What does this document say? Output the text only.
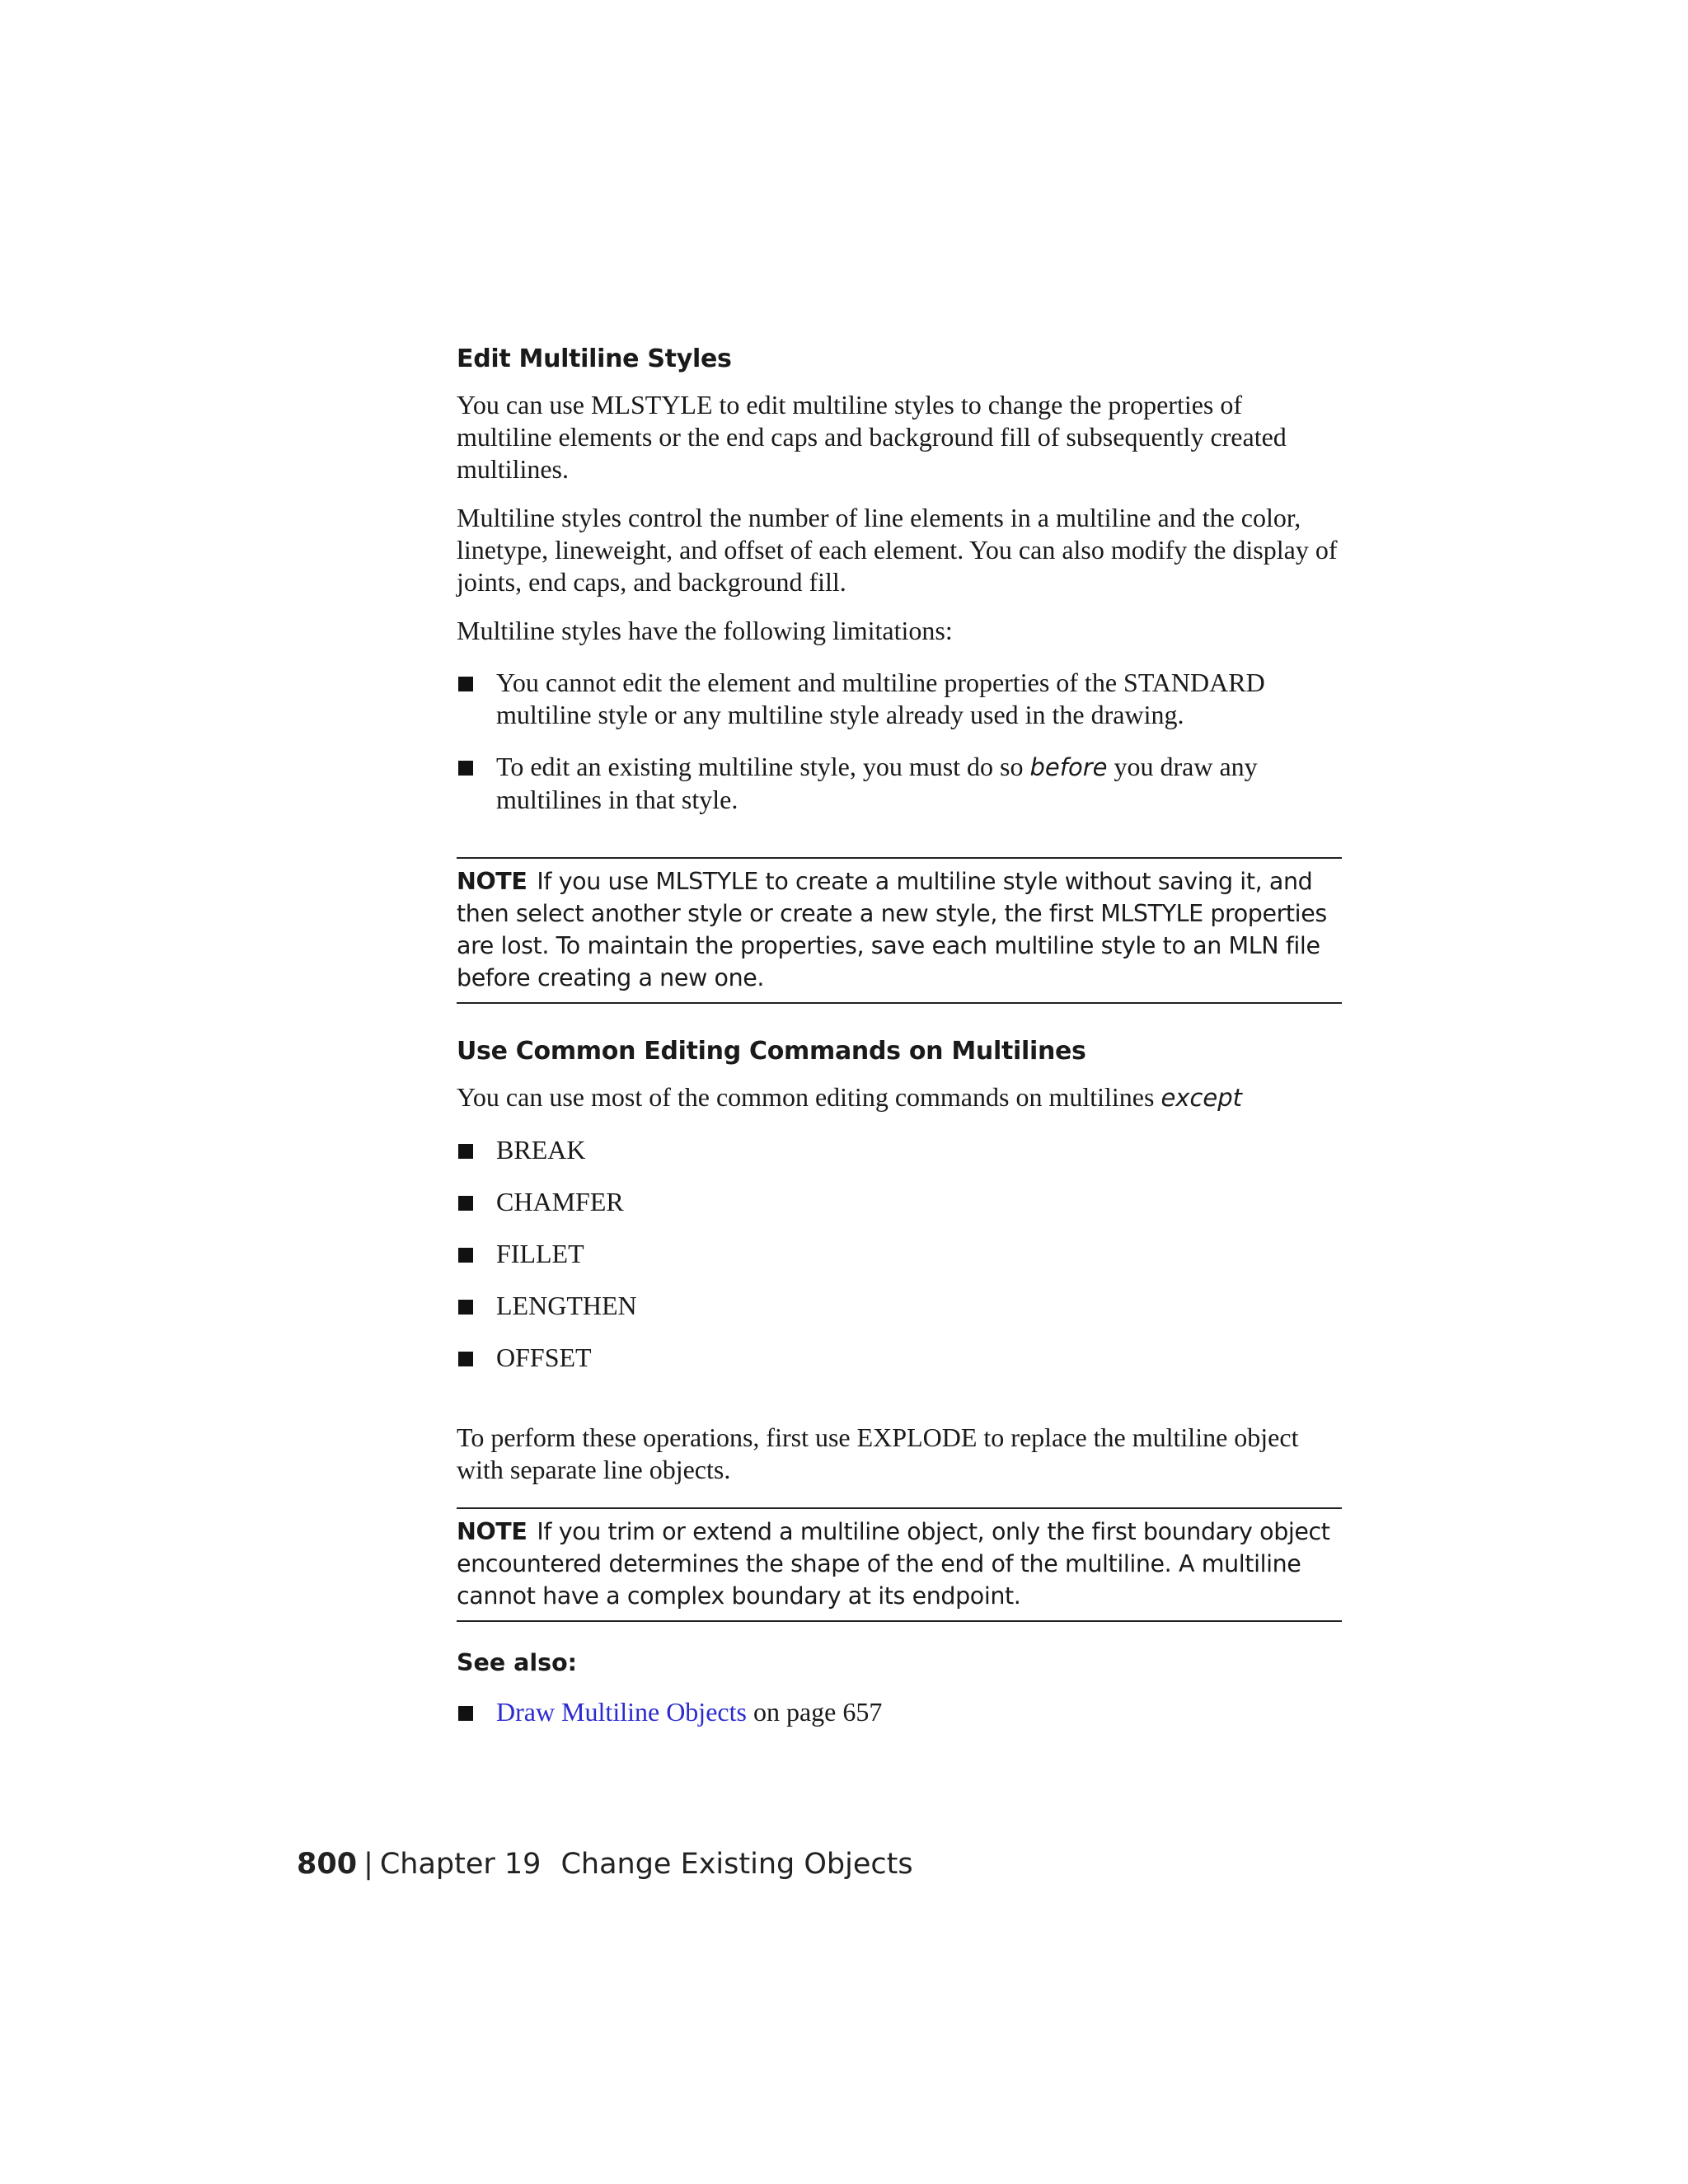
Edit Multiline Styles

You can use MLSTYLE to edit multiline styles to change the properties of multiline elements or the end caps and background fill of subsequently created multilines.

Multiline styles control the number of line elements in a multiline and the color, linetype, lineweight, and offset of each element. You can also modify the display of joints, end caps, and background fill.

Multiline styles have the following limitations:

You cannot edit the element and multiline properties of the STANDARD multiline style or any multiline style already used in the drawing.
To edit an existing multiline style, you must do so before you draw any multilines in that style.
NOTE If you use MLSTYLE to create a multiline style without saving it, and then select another style or create a new style, the first MLSTYLE properties are lost. To maintain the properties, save each multiline style to an MLN file before creating a new one.
Use Common Editing Commands on Multilines

You can use most of the common editing commands on multilines except

BREAK
CHAMFER
FILLET
LENGTHEN
OFFSET

To perform these operations, first use EXPLODE to replace the multiline object with separate line objects.

NOTE If you trim or extend a multiline object, only the first boundary object encountered determines the shape of the end of the multiline. A multiline cannot have a complex boundary at its endpoint.
See also:
Draw Multiline Objects on page 657
800 | Chapter 19 Change Existing Objects
